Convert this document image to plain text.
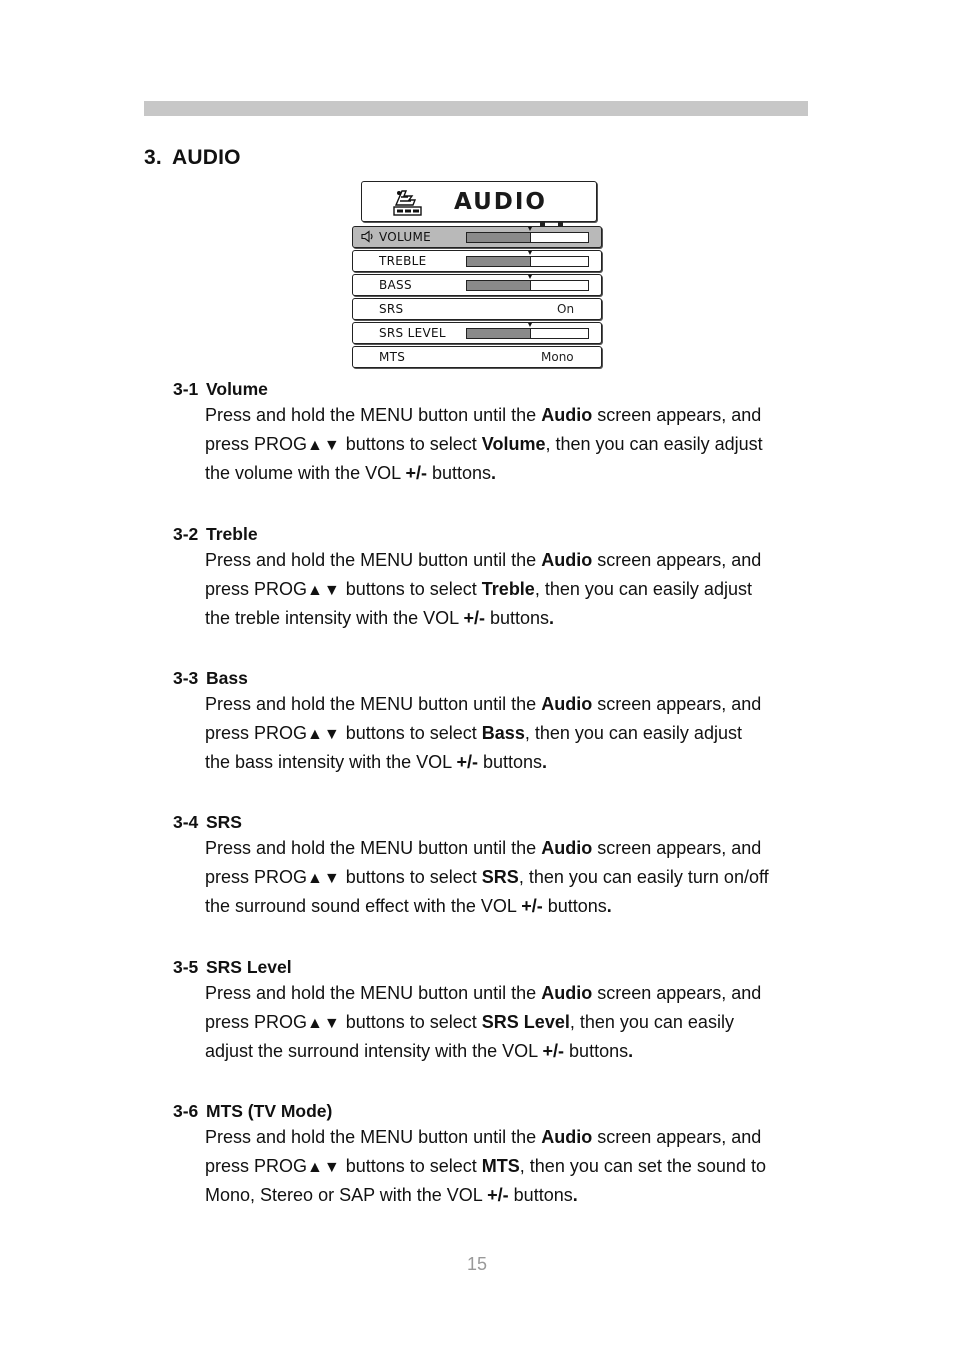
3. AUDIO
AUDIO
VOLUME
TREBLE
BASS
SRS	On
SRS LEVEL
MTS	Mono

3-1 Volume

Press and hold the MENU button until the Audio screen appears, and
press PROG▲▼ buttons to select Volume, then you can easily adjust
the volume with the VOL +/- buttons.

3-2 Treble

Press and hold the MENU button until the Audio screen appears, and
press PROG▲▼ buttons to select Treble, then you can easily adjust
the treble intensity with the VOL +/- buttons.

3-3 Bass

Press and hold the MENU button until the Audio screen appears, and
press PROG▲▼ buttons to select Bass, then you can easily adjust
the bass intensity with the VOL +/- buttons.

3-4 SRS

Press and hold the MENU button until the Audio screen appears, and
press PROG▲▼ buttons to select SRS, then you can easily turn on/off
the surround sound effect with the VOL +/- buttons.

3-5 SRS Level

Press and hold the MENU button until the Audio screen appears, and
press PROG▲▼ buttons to select SRS Level, then you can easily
adjust the surround intensity with the VOL +/- buttons.

3-6 MTS (TV Mode)

Press and hold the MENU button until the Audio screen appears, and
press PROG▲▼ buttons to select MTS, then you can set the sound to
Mono, Stereo or SAP with the VOL +/- buttons.
15
